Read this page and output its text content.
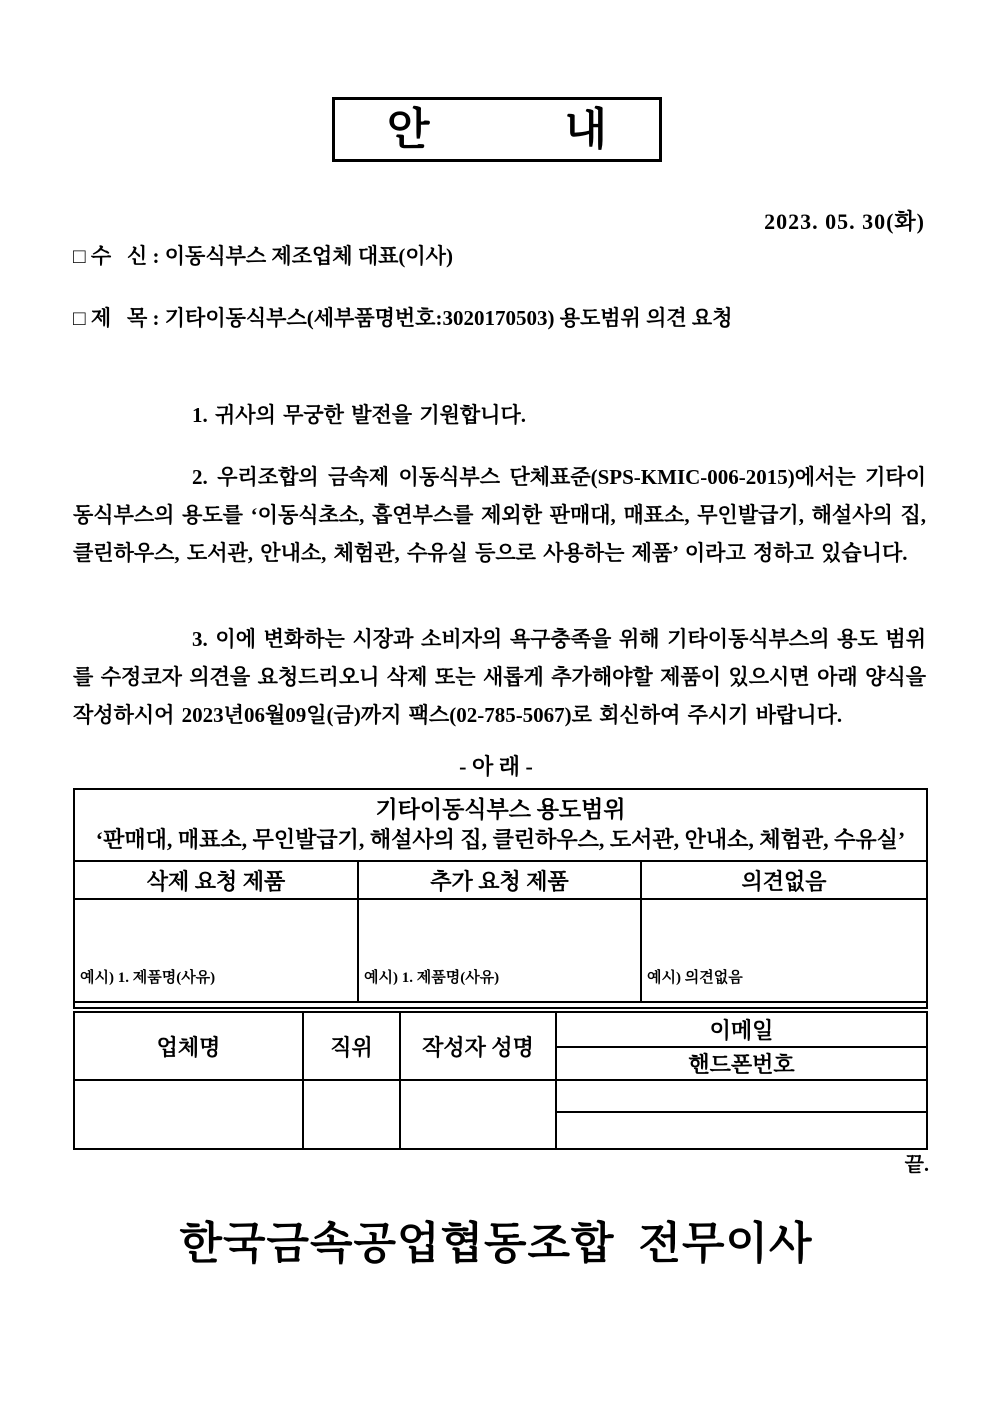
안	내
2023. 05. 30(화)
□ 수   신 : 이동식부스 제조업체 대표(이사)
□ 제   목 : 기타이동식부스(세부품명번호:3020170503) 용도범위 의견 요청
1. 귀사의 무궁한 발전을 기원합니다.
2. 우리조합의 금속제 이동식부스 단체표준(SPS-KMIC-006-2015)에서는 기타이동식부스의 용도를 ‘이동식초소, 흡연부스를 제외한 판매대, 매표소, 무인발급기, 해설사의 집, 클린하우스, 도서관, 안내소, 체험관, 수유실 등으로 사용하는 제품’ 이라고 정하고 있습니다.
3. 이에 변화하는 시장과 소비자의 욕구충족을 위해 기타이동식부스의 용도 범위를 수정코자 의견을 요청드리오니 삭제 또는 새롭게 추가해야할 제품이 있으시면 아래 양식을 작성하시어 2023년06월09일(금)까지 팩스(02-785-5067)로 회신하여 주시기 바랍니다.
- 아 래 -
기타이동식부스 용도범위
‘판매대, 매표소, 무인발급기, 해설사의 집, 클린하우스, 도서관, 안내소, 체험관, 수유실’		

삭제 요청 제품	추가 요청 제품	의견없음

예시) 1. 제품명(사유)	예시) 1. 제품명(사유)	예시) 의견없음

업체명	직위	작성자 성명	이메일
			핸드폰번호

끝.
한국금속공업협동조합  전무이사
